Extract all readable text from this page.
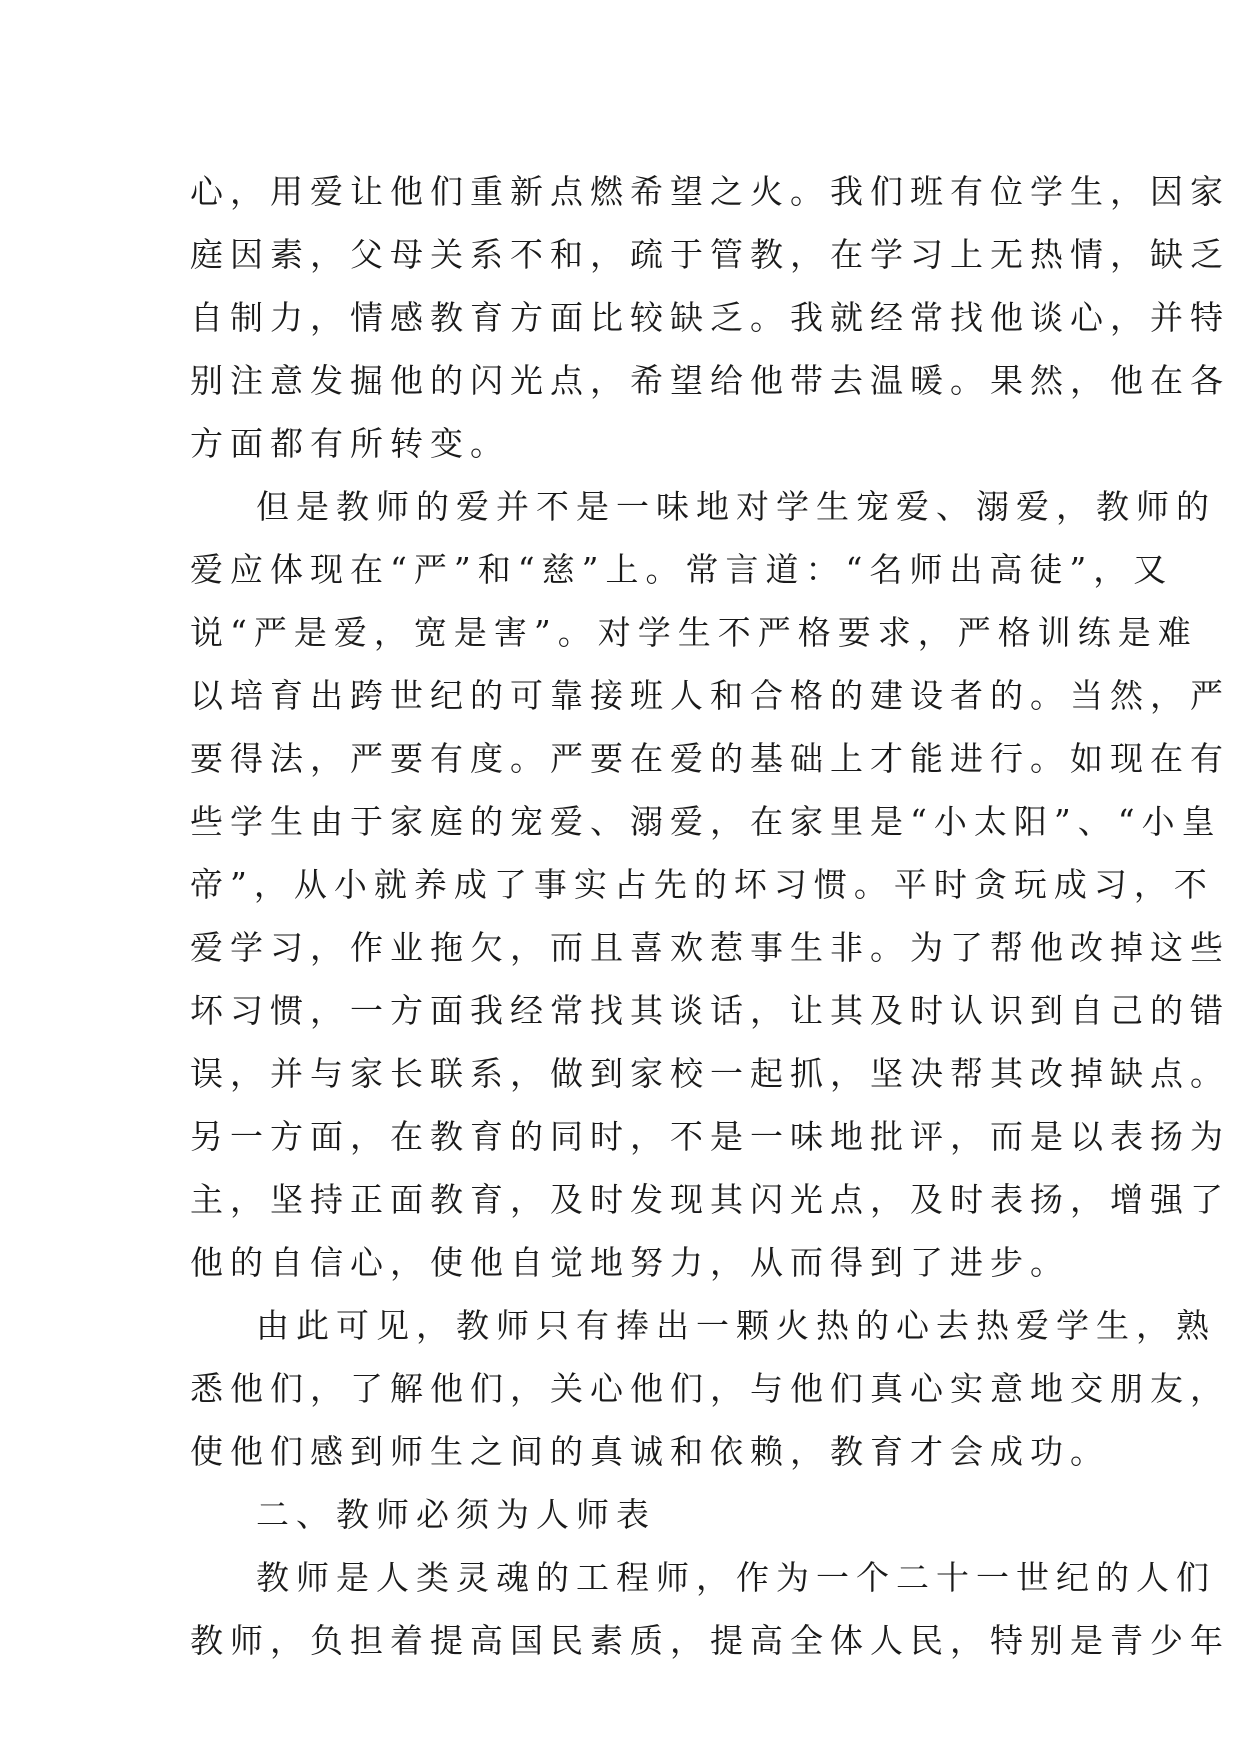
心，用爱让他们重新点燃希望之火。我们班有位学生，因家
庭因素，父母关系不和，疏于管教，在学习上无热情，缺乏
自制力，情感教育方面比较缺乏。我就经常找他谈心，并特
别注意发掘他的闪光点，希望给他带去温暖。果然，他在各
方面都有所转变。
但是教师的爱并不是一味地对学生宠爱、溺爱，教师的
爱应体现在“严”和“慈”上。常言道：“名师出高徒”，又
说“严是爱，宽是害”。对学生不严格要求，严格训练是难
以培育出跨世纪的可靠接班人和合格的建设者的。当然，严
要得法，严要有度。严要在爱的基础上才能进行。如现在有
些学生由于家庭的宠爱、溺爱，在家里是“小太阳”、“小皇
帝”，从小就养成了事实占先的坏习惯。平时贪玩成习，不
爱学习，作业拖欠，而且喜欢惹事生非。为了帮他改掉这些
坏习惯，一方面我经常找其谈话，让其及时认识到自己的错
误，并与家长联系，做到家校一起抓，坚决帮其改掉缺点。
另一方面，在教育的同时，不是一味地批评，而是以表扬为
主，坚持正面教育，及时发现其闪光点，及时表扬，增强了
他的自信心，使他自觉地努力，从而得到了进步。
由此可见，教师只有捧出一颗火热的心去热爱学生，熟
悉他们，了解他们，关心他们，与他们真心实意地交朋友，
使他们感到师生之间的真诚和依赖，教育才会成功。
二、教师必须为人师表
教师是人类灵魂的工程师，作为一个二十一世纪的人们
教师，负担着提高国民素质，提高全体人民，特别是青少年
